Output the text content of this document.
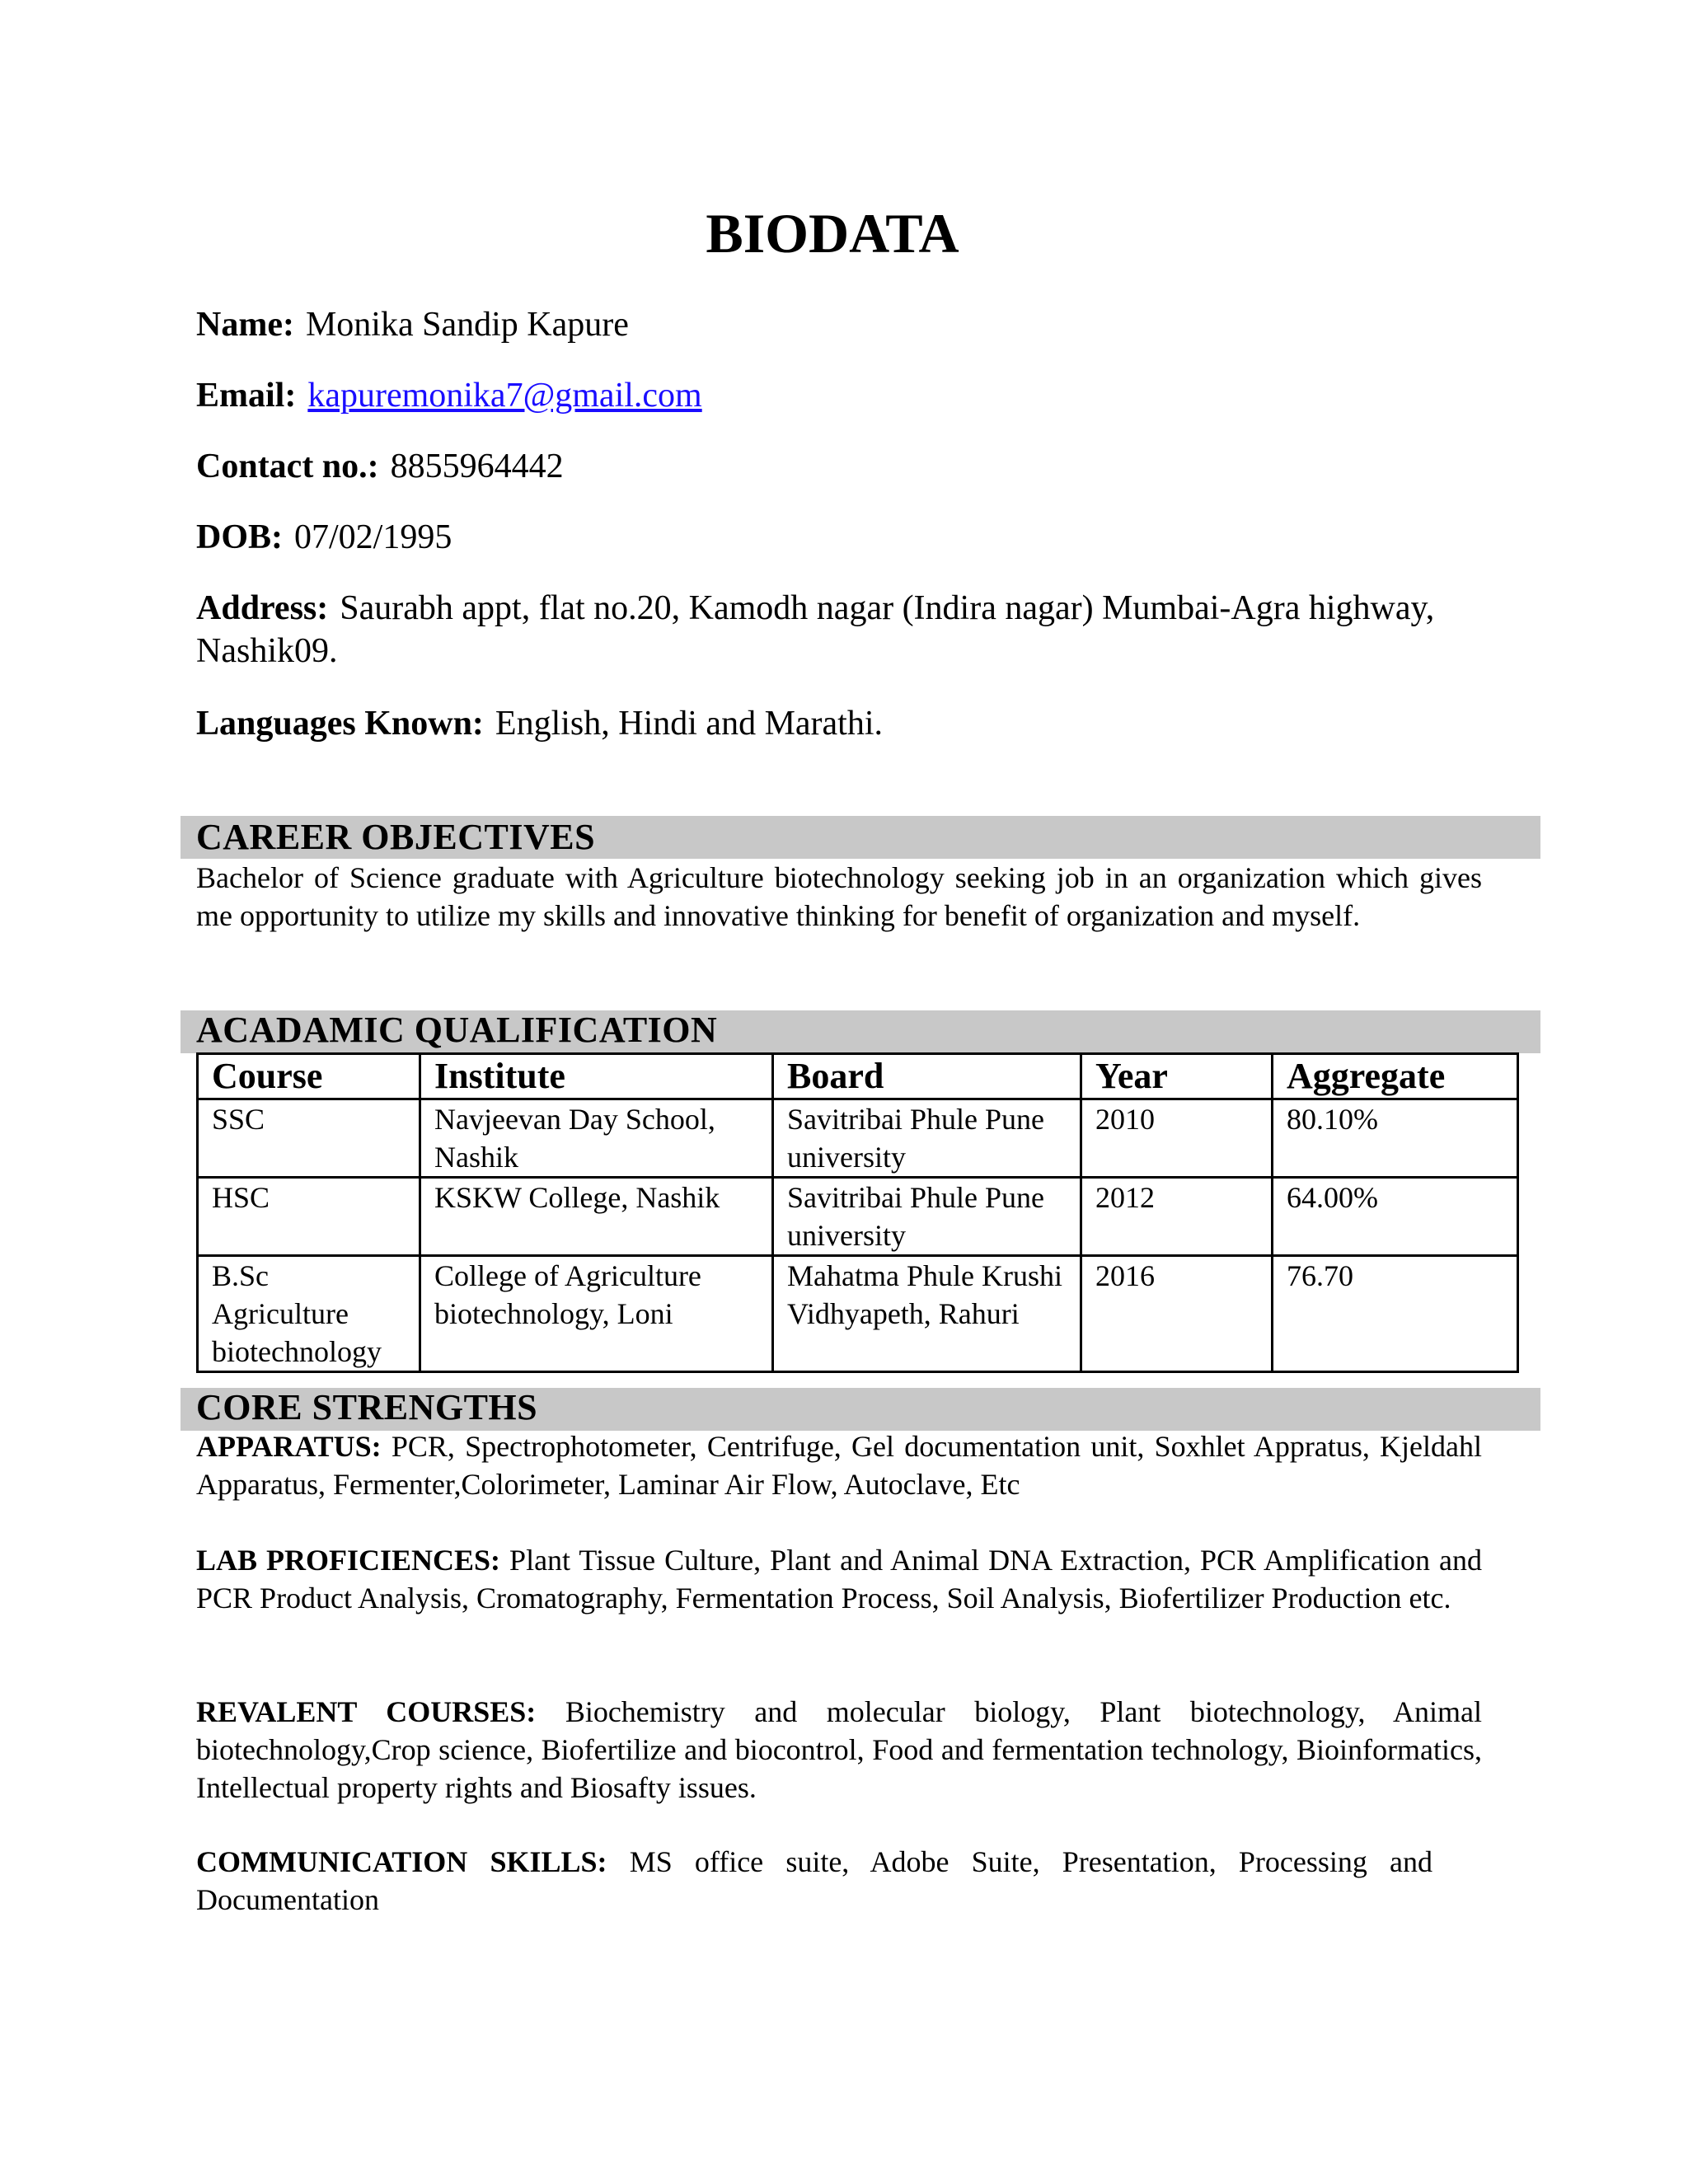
BIODATA
Name: Monika Sandip Kapure
Email: kapuremonika7@gmail.com
Contact no.: 8855964442
DOB: 07/02/1995
Address: Saurabh appt, flat no.20, Kamodh nagar (Indira nagar) Mumbai-Agra highway, Nashik09.
Languages Known: English, Hindi and Marathi.
CAREER OBJECTIVES
Bachelor of Science graduate with Agriculture biotechnology seeking job in an organization which gives me opportunity to utilize my skills and innovative thinking for benefit of organization and myself.
ACADAMIC QUALIFICATION
Course	Institute	Board	Year	Aggregate
SSC	Navjeevan Day School, Nashik	Savitribai Phule Pune university	2010	80.10%
HSC	KSKW College, Nashik	Savitribai Phule Pune university	2012	64.00%
B.Sc Agriculture biotechnology	College of Agriculture biotechnology, Loni	Mahatma Phule Krushi Vidhyapeth, Rahuri	2016	76.70
CORE STRENGTHS
APPARATUS: PCR, Spectrophotometer, Centrifuge, Gel documentation unit, Soxhlet Appratus, Kjeldahl Apparatus, Fermenter,Colorimeter, Laminar Air Flow, Autoclave, Etc
LAB PROFICIENCES: Plant Tissue Culture, Plant and Animal DNA Extraction, PCR Amplification and PCR Product Analysis, Cromatography, Fermentation Process, Soil Analysis, Biofertilizer Production etc.
REVALENT COURSES: Biochemistry and molecular biology, Plant biotechnology, Animal biotechnology,Crop science, Biofertilize and biocontrol, Food and fermentation technology, Bioinformatics, Intellectual property rights and Biosafty issues.
COMMUNICATION SKILLS: MS office suite, Adobe Suite, Presentation, Processing and Documentation
